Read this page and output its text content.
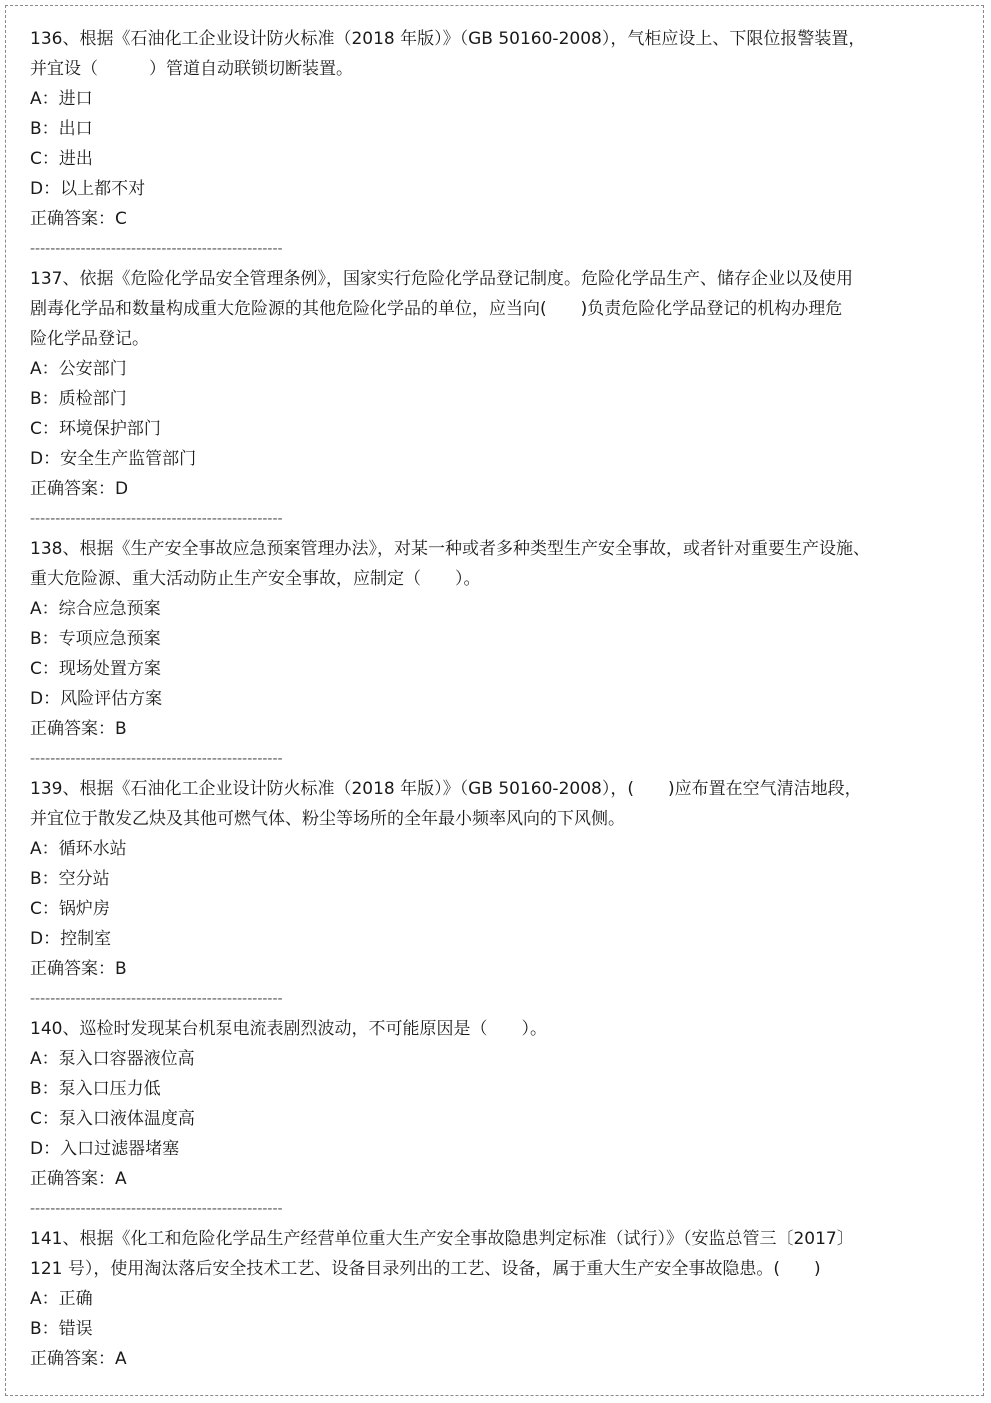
136、根据《石油化工企业设计防火标准（2018 年版）》（GB 50160-2008），气柜应设上、下限位报警装置，
并宜设（　　　）管道自动联锁切断装置。
A：进口
B：出口
C：进出
D：以上都不对
正确答案：C
--------------------------------------------------
137、依据《危险化学品安全管理条例》，国家实行危险化学品登记制度。危险化学品生产、储存企业以及使用
剧毒化学品和数量构成重大危险源的其他危险化学品的单位，应当向(　　)负责危险化学品登记的机构办理危
险化学品登记。
A：公安部门
B：质检部门
C：环境保护部门
D：安全生产监管部门
正确答案：D
--------------------------------------------------
138、根据《生产安全事故应急预案管理办法》，对某一种或者多种类型生产安全事故，或者针对重要生产设施、
重大危险源、重大活动防止生产安全事故，应制定（　　）。
A：综合应急预案
B：专项应急预案
C：现场处置方案
D：风险评估方案
正确答案：B
--------------------------------------------------
139、根据《石油化工企业设计防火标准（2018 年版）》（GB 50160-2008），(　　)应布置在空气清洁地段，
并宜位于散发乙炔及其他可燃气体、粉尘等场所的全年最小频率风向的下风侧。
A：循环水站
B：空分站
C：锅炉房
D：控制室
正确答案：B
--------------------------------------------------
140、巡检时发现某台机泵电流表剧烈波动，不可能原因是（　　）。
A：泵入口容器液位高
B：泵入口压力低
C：泵入口液体温度高
D：入口过滤器堵塞
正确答案：A
--------------------------------------------------
141、根据《化工和危险化学品生产经营单位重大生产安全事故隐患判定标准（试行）》（安监总管三〔2017〕
121 号），使用淘汰落后安全技术工艺、设备目录列出的工艺、设备，属于重大生产安全事故隐患。(　　)
A：正确
B：错误
正确答案：A
